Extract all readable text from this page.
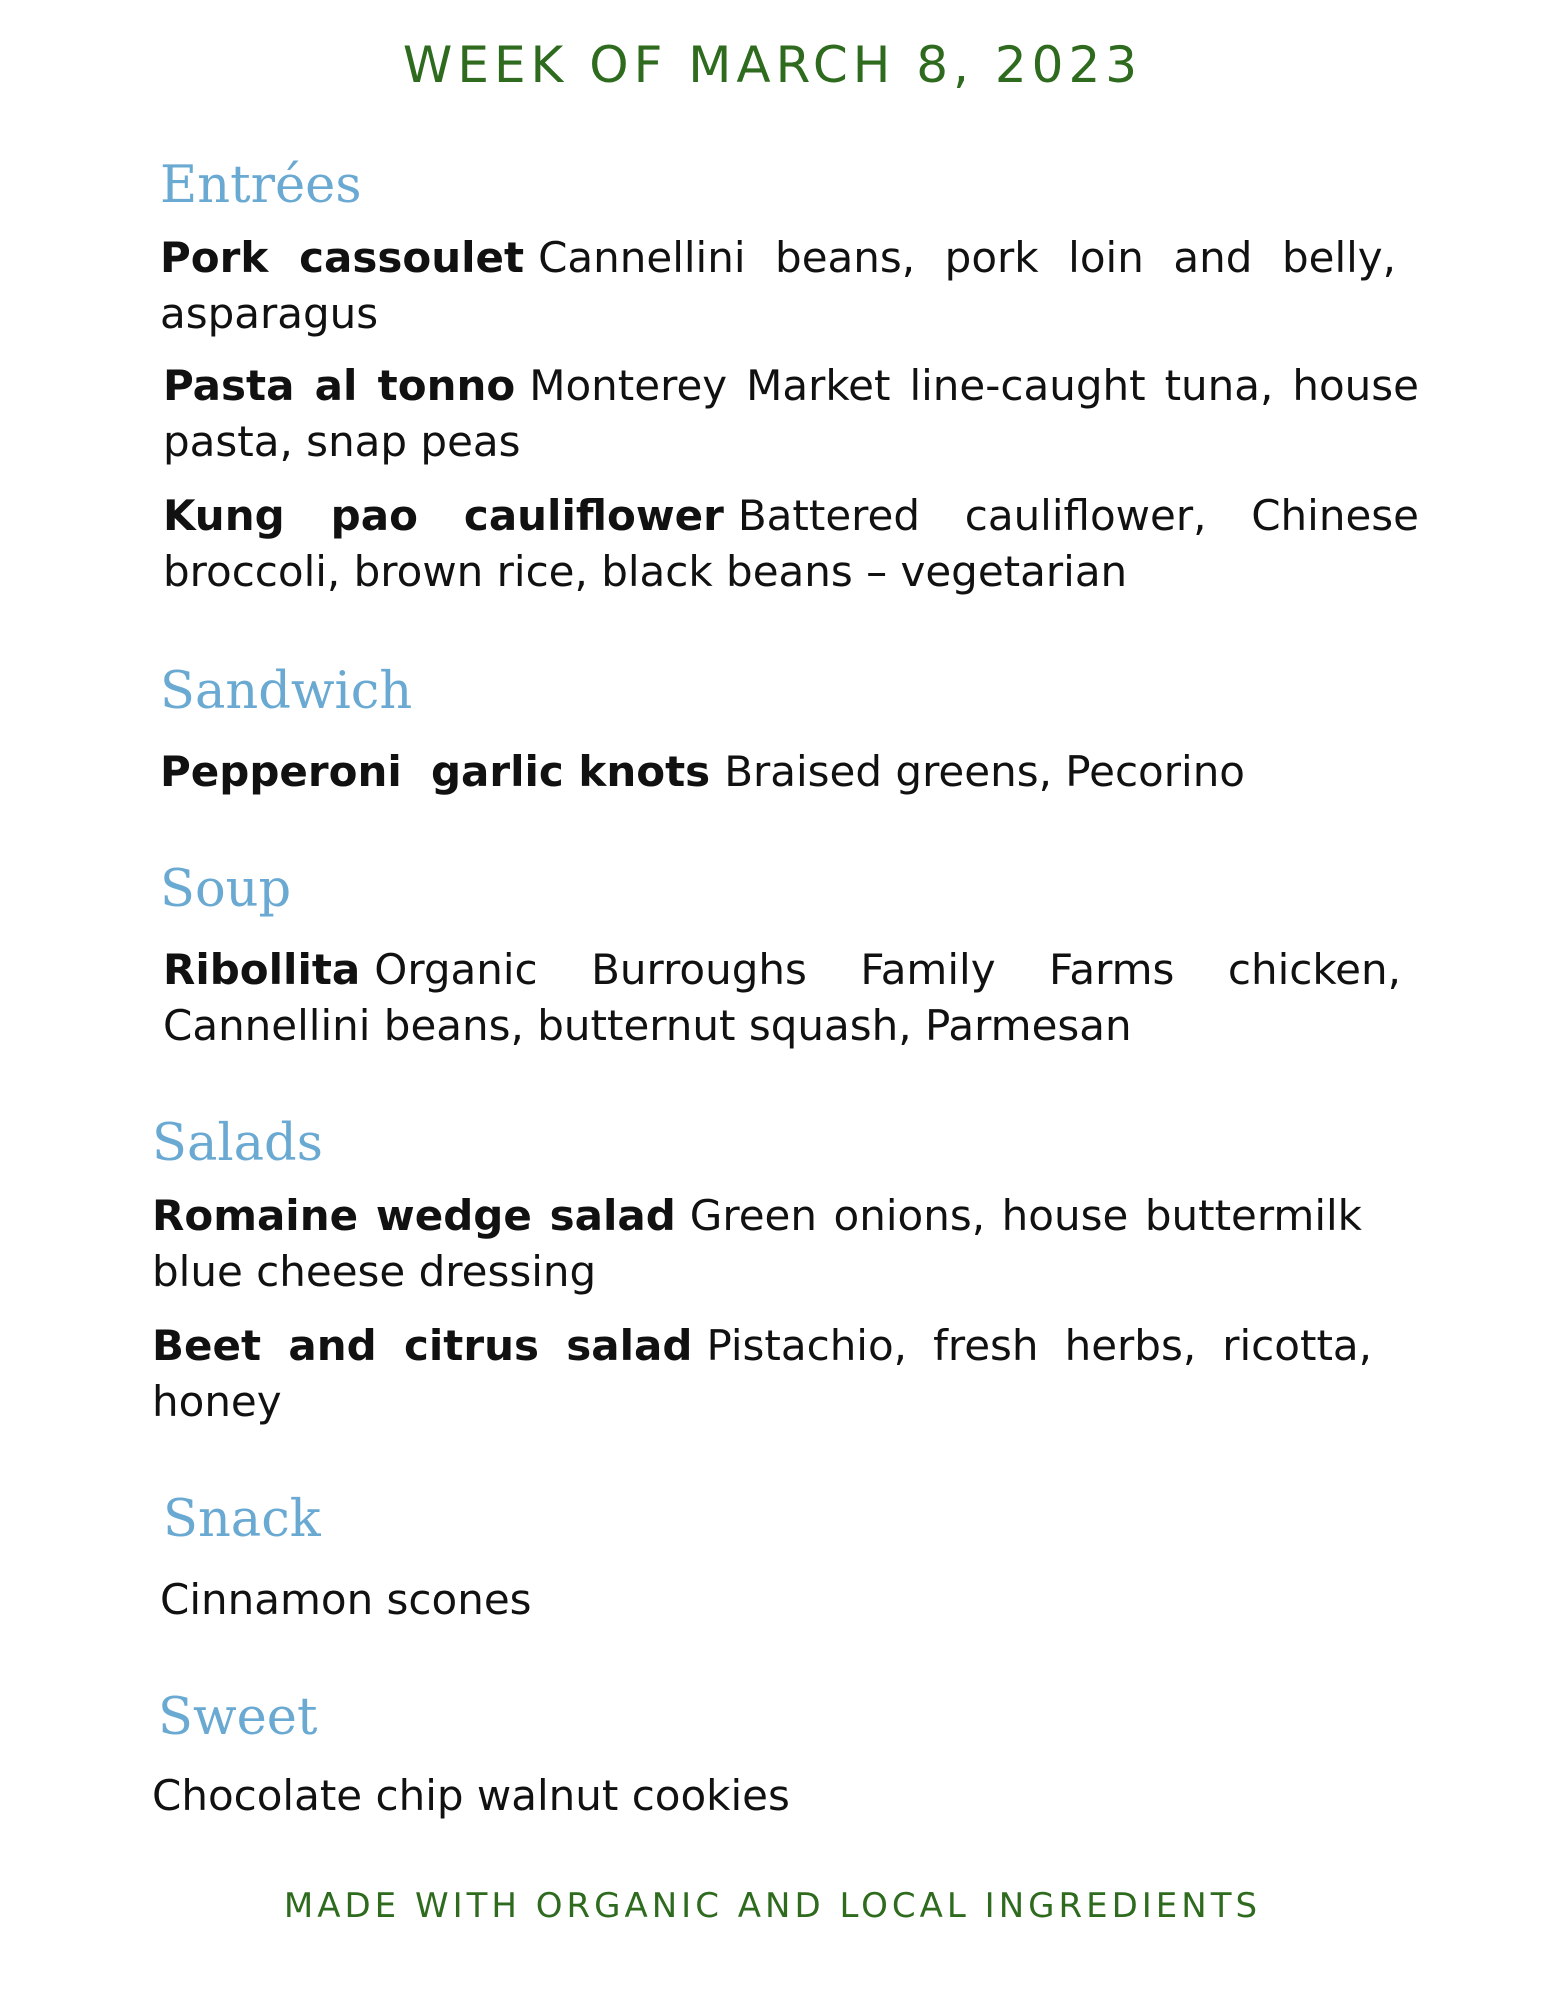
WEEK OF MARCH 8, 2023
Entrées

Pork cassoulet Cannellini beans, pork loin and belly, asparagus

Pasta al tonno Monterey Market line-caught tuna, house pasta, snap peas

Kung pao cauliflower Battered cauliflower, Chinese broccoli, brown rice, black beans – vegetarian

Sandwich

Pepperoni  garlic knots Braised greens, Pecorino

Soup

Ribollita Organic Burroughs Family Farms chicken, Cannellini beans, butternut squash, Parmesan

Salads

Romaine wedge salad Green onions, house buttermilk blue cheese dressing

Beet and citrus salad Pistachio, fresh herbs, ricotta, honey

Snack

Cinnamon scones

Sweet

Chocolate chip walnut cookies

MADE WITH ORGANIC AND LOCAL INGREDIENTS
